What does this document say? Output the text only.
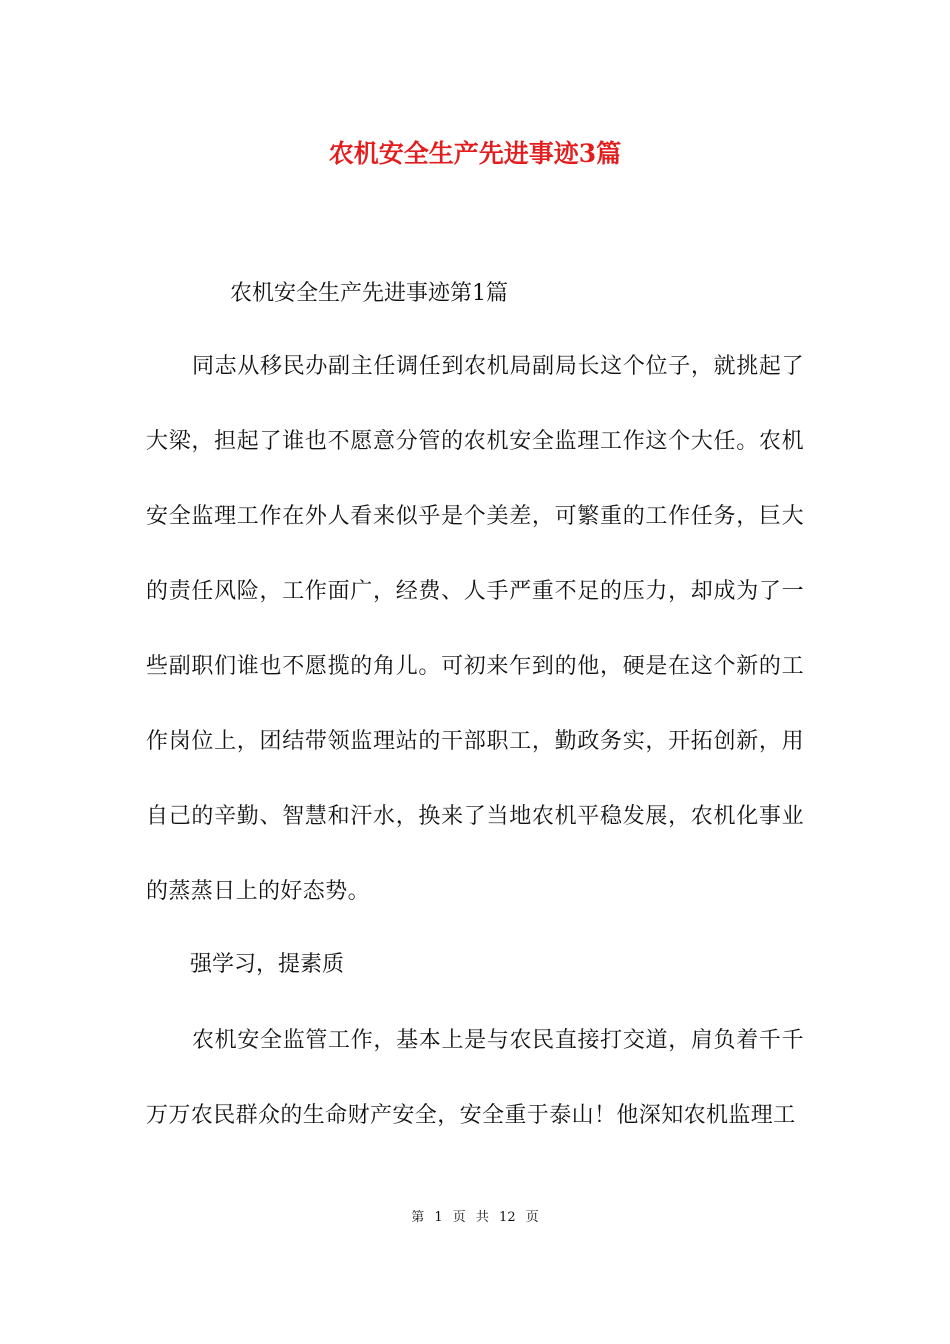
农机安全生产先进事迹3篇
农机安全生产先进事迹第1篇

同志从移民办副主任调任到农机局副局长这个位子，就挑起了大梁，担起了谁也不愿意分管的农机安全监理工作这个大任。农机安全监理工作在外人看来似乎是个美差，可繁重的工作任务，巨大的责任风险，工作面广，经费、人手严重不足的压力，却成为了一些副职们谁也不愿揽的角儿。可初来乍到的他，硬是在这个新的工作岗位上，团结带领监理站的干部职工，勤政务实，开拓创新，用自己的辛勤、智慧和汗水，换来了当地农机平稳发展，农机化事业的蒸蒸日上的好态势。

强学习，提素质

农机安全监管工作，基本上是与农民直接打交道，肩负着千千万万农民群众的生命财产安全，安全重于泰山！他深知农机监理工

第 1 页 共 12 页
